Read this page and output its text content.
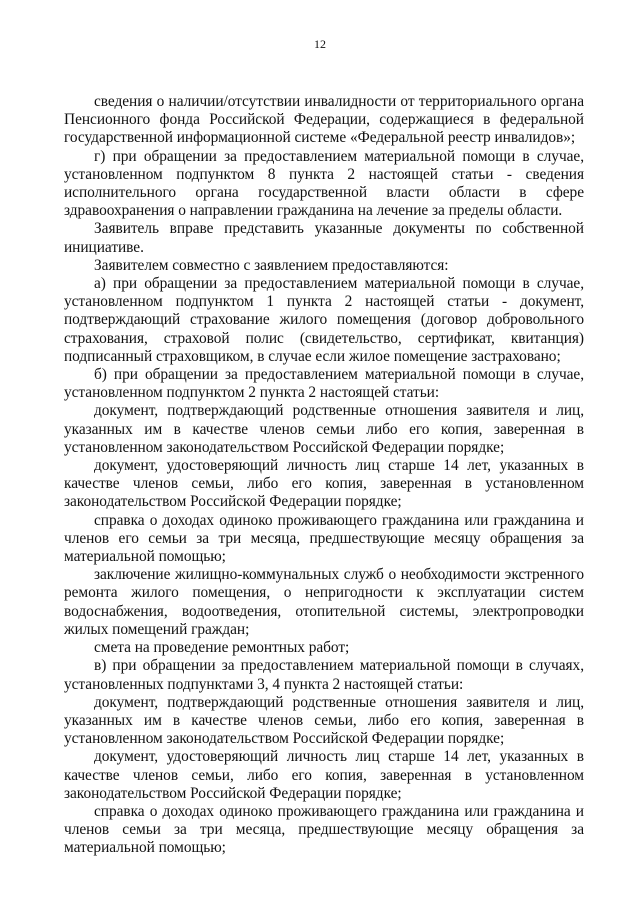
12

сведения о наличии/отсутствии инвалидности от территориального органа Пенсионного фонда Российской Федерации, содержащиеся в федеральной государственной информационной системе «Федеральной реестр инвалидов»;

г) при обращении за предоставлением материальной помощи в случае, установленном подпунктом 8 пункта 2 настоящей статьи - сведения исполнительного органа государственной власти области в сфере здравоохранения о направлении гражданина на лечение за пределы области.

Заявитель вправе представить указанные документы по собственной инициативе.

Заявителем совместно с заявлением предоставляются:

а) при обращении за предоставлением материальной помощи в случае, установленном подпунктом 1 пункта 2 настоящей статьи - документ, подтверждающий страхование жилого помещения (договор добровольного страхования, страховой полис (свидетельство, сертификат, квитанция) подписанный страховщиком, в случае если жилое помещение застраховано;

б) при обращении за предоставлением материальной помощи в случае, установленном подпунктом 2 пункта 2 настоящей статьи:

документ, подтверждающий родственные отношения заявителя и лиц, указанных им в качестве членов семьи либо его копия, заверенная в установленном законодательством Российской Федерации порядке;

документ, удостоверяющий личность лиц старше 14 лет, указанных в качестве членов семьи, либо его копия, заверенная в установленном законодательством Российской Федерации порядке;

справка о доходах одиноко проживающего гражданина или гражданина и членов его семьи за три месяца, предшествующие месяцу обращения за материальной помощью;

заключение жилищно-коммунальных служб о необходимости экстренного ремонта жилого помещения, о непригодности к эксплуатации систем водоснабжения, водоотведения, отопительной системы, электропроводки жилых помещений граждан;

смета на проведение ремонтных работ;

в) при обращении за предоставлением материальной помощи в случаях, установленных подпунктами 3, 4 пункта 2 настоящей статьи:

документ, подтверждающий родственные отношения заявителя и лиц, указанных им в качестве членов семьи, либо его копия, заверенная в установленном законодательством Российской Федерации порядке;

документ, удостоверяющий личность лиц старше 14 лет, указанных в качестве членов семьи, либо его копия, заверенная в установленном законодательством Российской Федерации порядке;

справка о доходах одиноко проживающего гражданина или гражданина и членов семьи за три месяца, предшествующие месяцу обращения за материальной помощью;
